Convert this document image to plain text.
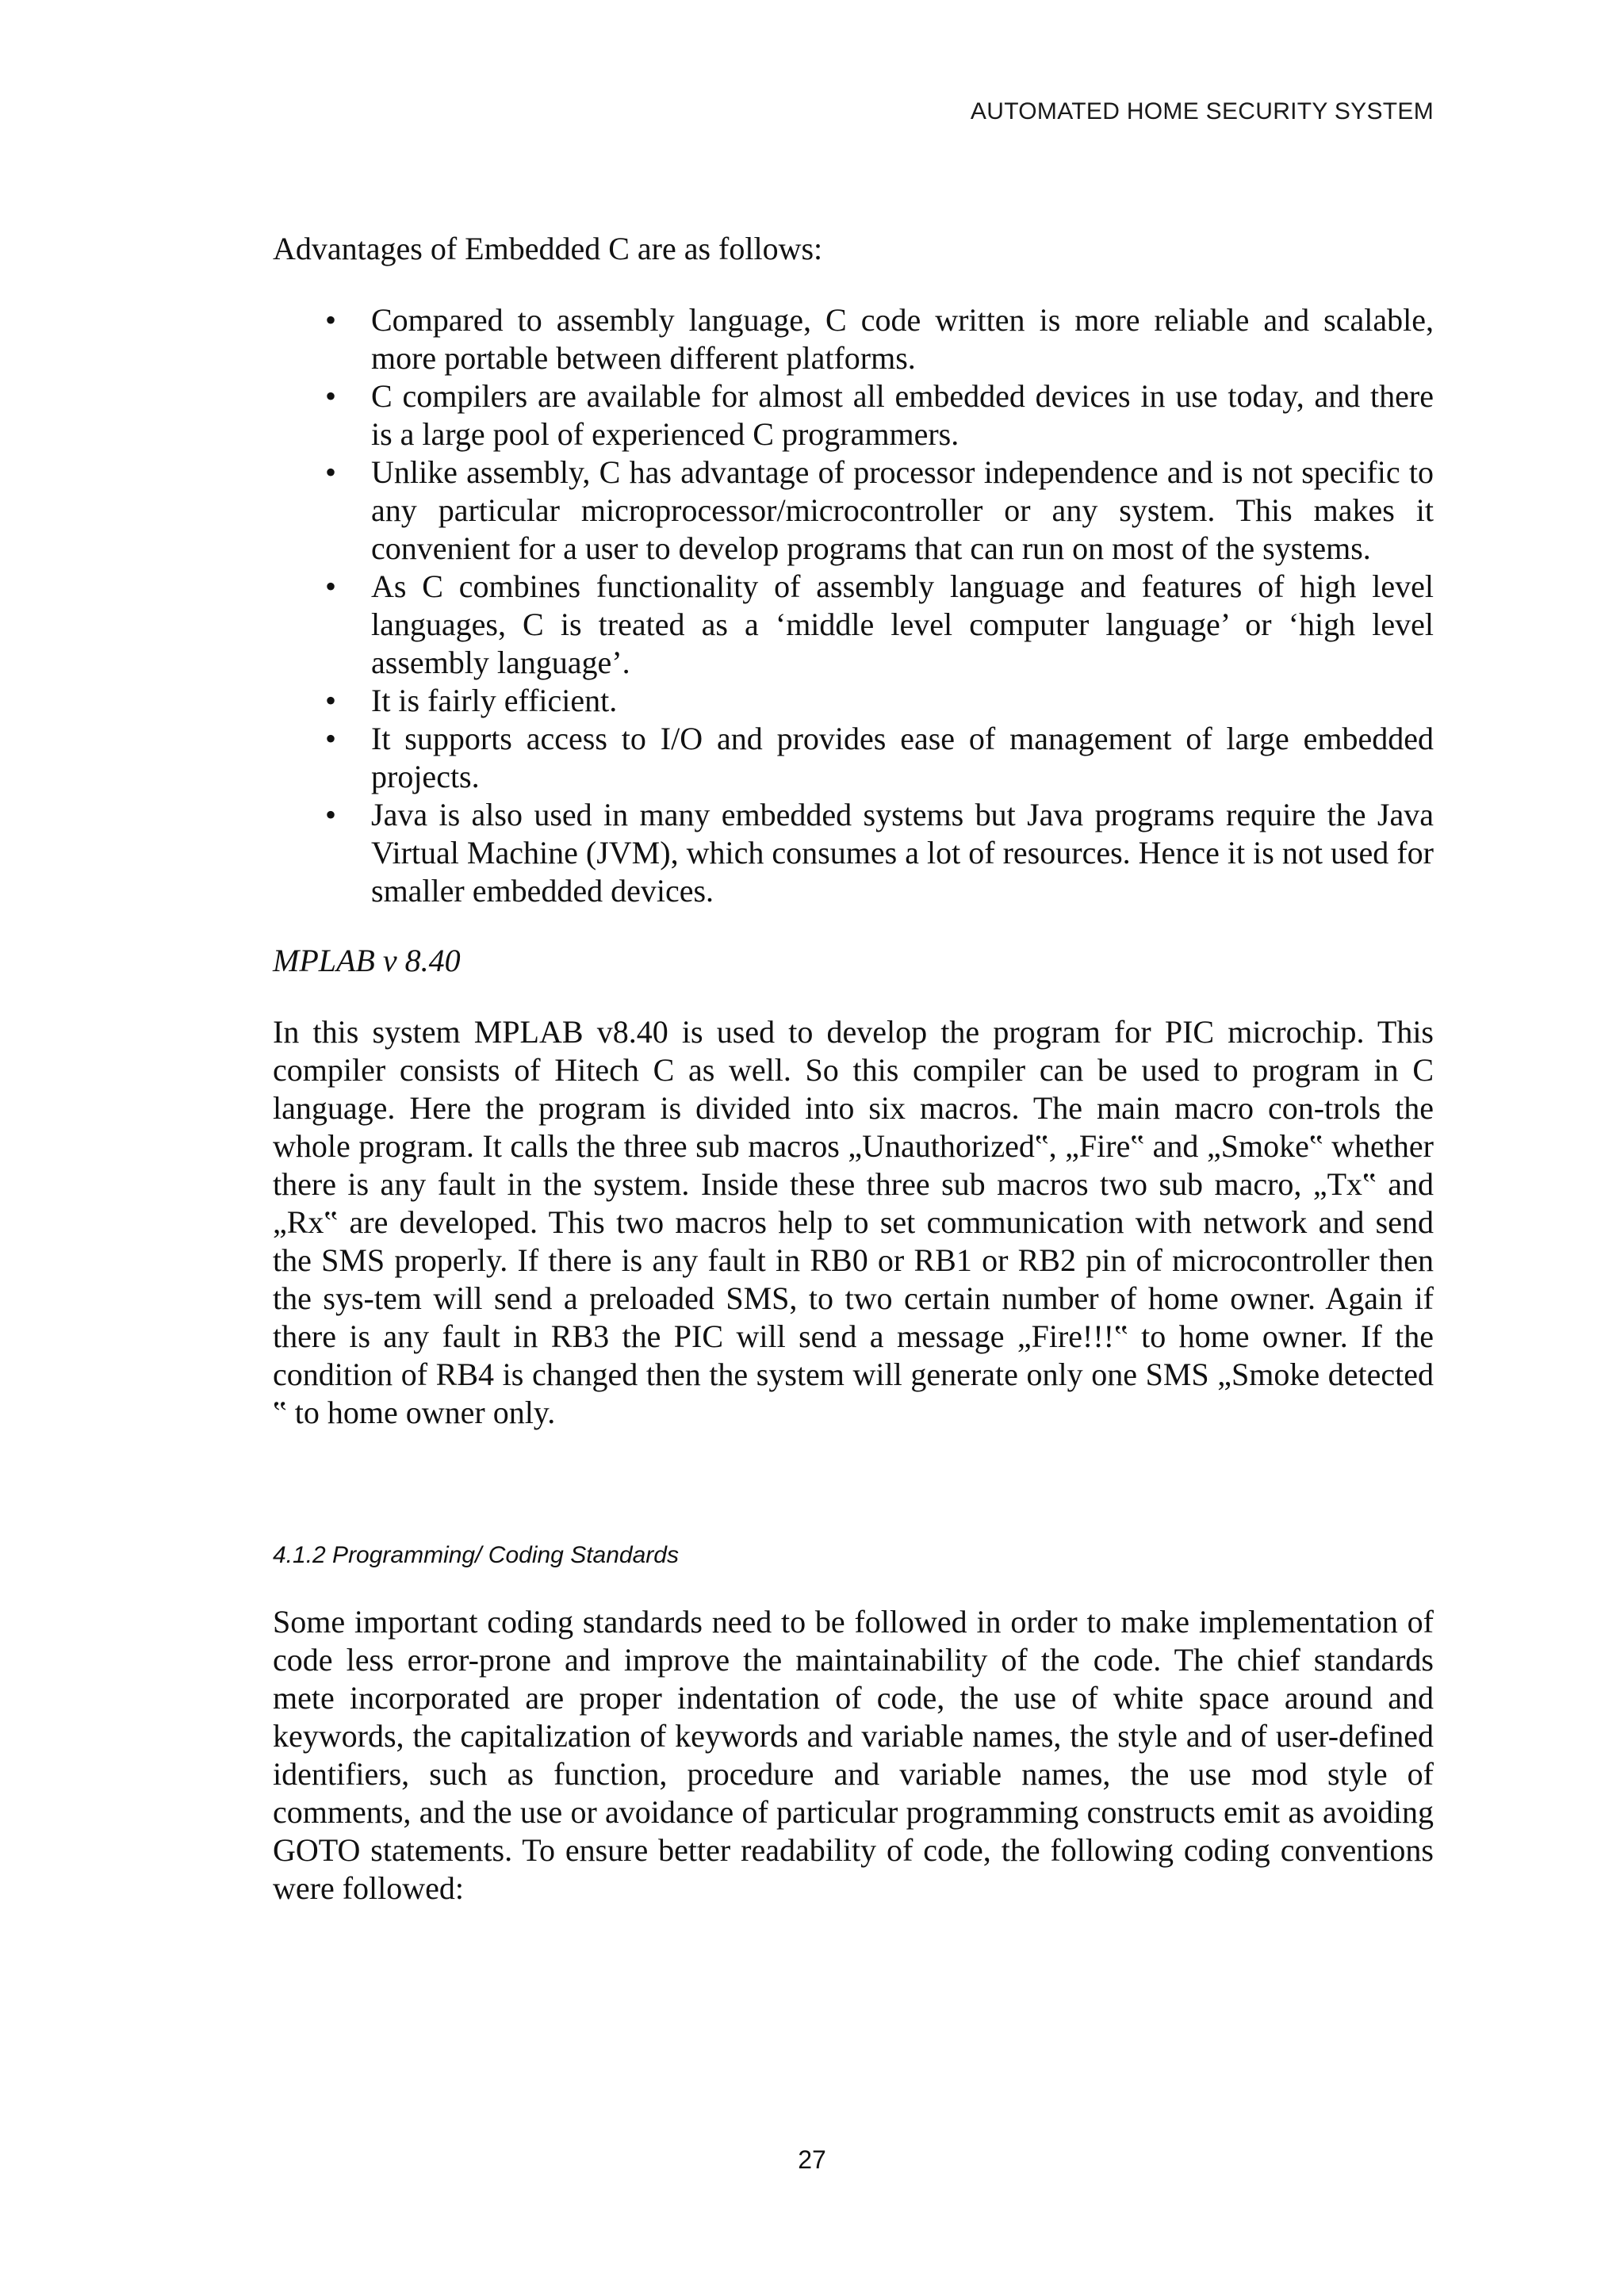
AUTOMATED HOME SECURITY SYSTEM

Advantages of Embedded C are as follows:

• Compared to assembly language, C code written is more reliable and scalable, more portable between different platforms.
• C compilers are available for almost all embedded devices in use today, and there is a large pool of experienced C programmers.
• Unlike assembly, C has advantage of processor independence and is not specific to any particular microprocessor/microcontroller or any system. This makes it convenient for a user to develop programs that can run on most of the systems.
• As C combines functionality of assembly language and features of high level languages, C is treated as a ‘middle level computer language’ or ‘high level assembly language’.
• It is fairly efficient.
• It supports access to I/O and provides ease of management of large embedded projects.
• Java is also used in many embedded systems but Java programs require the Java Virtual Machine (JVM), which consumes a lot of resources. Hence it is not used for smaller embedded devices.

MPLAB v 8.40

In this system MPLAB v8.40 is used to develop the program for PIC microchip. This compiler consists of Hitech C as well. So this compiler can be used to program in C language. Here the program is divided into six macros. The main macro con-trols the whole program. It calls the three sub macros „Unauthorized‟, „Fire‟ and „Smoke‟ whether there is any fault in the system. Inside these three sub macros two sub macro, „Tx‟ and „Rx‟ are developed. This two macros help to set communication with network and send the SMS properly. If there is any fault in RB0 or RB1 or RB2 pin of microcontroller then the sys-tem will send a preloaded SMS, to two certain number of home owner. Again if there is any fault in RB3 the PIC will send a message „Fire!!!‟ to home owner. If the condition of RB4 is changed then the system will generate only one SMS „Smoke detected ‟ to home owner only.

4.1.2 Programming/ Coding Standards

Some important coding standards need to be followed in order to make implementation of code less error-prone and improve the maintainability of the code. The chief standards mete incorporated are proper indentation of code, the use of white space around and keywords, the capitalization of keywords and variable names, the style and of user-defined identifiers, such as function, procedure and variable names, the use mod style of comments, and the use or avoidance of particular programming constructs emit as avoiding GOTO statements. To ensure better readability of code, the following coding conventions were followed:

27
